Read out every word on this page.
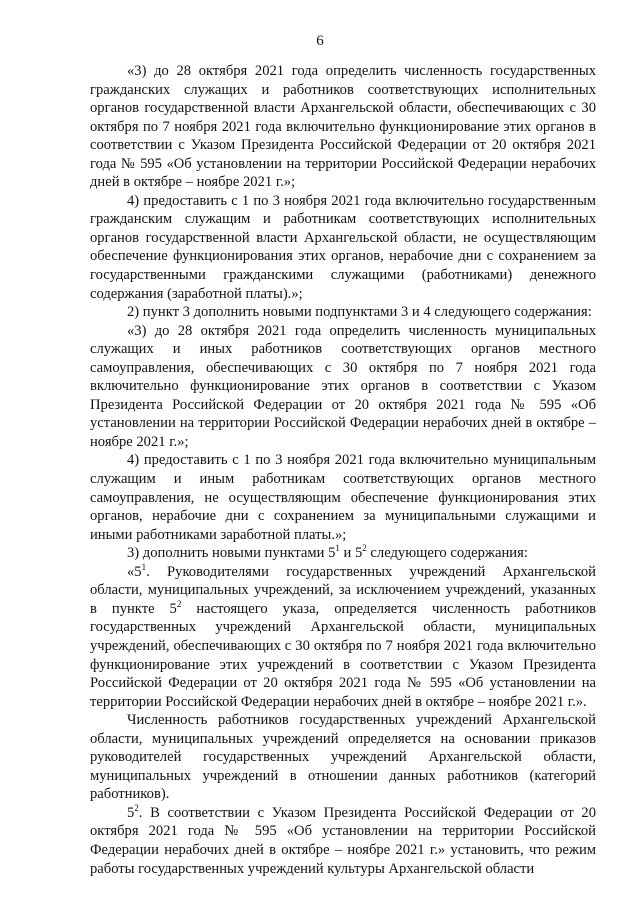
6

«3) до 28 октября 2021 года определить численность государственных гражданских служащих и работников соответствующих исполнительных органов государственной власти Архангельской области, обеспечивающих с 30 октября по 7 ноября 2021 года включительно функционирование этих органов в соответствии с Указом Президента Российской Федерации от 20 октября 2021 года № 595 «Об установлении на территории Российской Федерации нерабочих дней в октябре – ноябре 2021 г.»;

4) предоставить с 1 по 3 ноября 2021 года включительно государственным гражданским служащим и работникам соответствующих исполнительных органов государственной власти Архангельской области, не осуществляющим обеспечение функционирования этих органов, нерабочие дни с сохранением за государственными гражданскими служащими (работниками) денежного содержания (заработной платы).»;

2) пункт 3 дополнить новыми подпунктами 3 и 4 следующего содержания:

«3) до 28 октября 2021 года определить численность муниципальных служащих и иных работников соответствующих органов местного самоуправления, обеспечивающих с 30 октября по 7 ноября 2021 года включительно функционирование этих органов в соответствии с Указом Президента Российской Федерации от 20 октября 2021 года № 595 «Об установлении на территории Российской Федерации нерабочих дней в октябре – ноябре 2021 г.»;

4) предоставить с 1 по 3 ноября 2021 года включительно муниципальным служащим и иным работникам соответствующих органов местного самоуправления, не осуществляющим обеспечение функционирования этих органов, нерабочие дни с сохранением за муниципальными служащими и иными работниками заработной платы.»;

3) дополнить новыми пунктами $5^1$ и $5^2$ следующего содержания:

«$5^1$. Руководителями государственных учреждений Архангельской области, муниципальных учреждений, за исключением учреждений, указанных в пункте $5^2$ настоящего указа, определяется численность работников государственных учреждений Архангельской области, муниципальных учреждений, обеспечивающих с 30 октября по 7 ноября 2021 года включительно функционирование этих учреждений в соответствии с Указом Президента Российской Федерации от 20 октября 2021 года № 595 «Об установлении на территории Российской Федерации нерабочих дней в октябре – ноябре 2021 г.».

Численность работников государственных учреждений Архангельской области, муниципальных учреждений определяется на основании приказов руководителей государственных учреждений Архангельской области, муниципальных учреждений в отношении данных работников (категорий работников).

$5^2$. В соответствии с Указом Президента Российской Федерации от 20 октября 2021 года № 595 «Об установлении на территории Российской Федерации нерабочих дней в октябре – ноябре 2021 г.» установить, что режим работы государственных учреждений культуры Архангельской области
